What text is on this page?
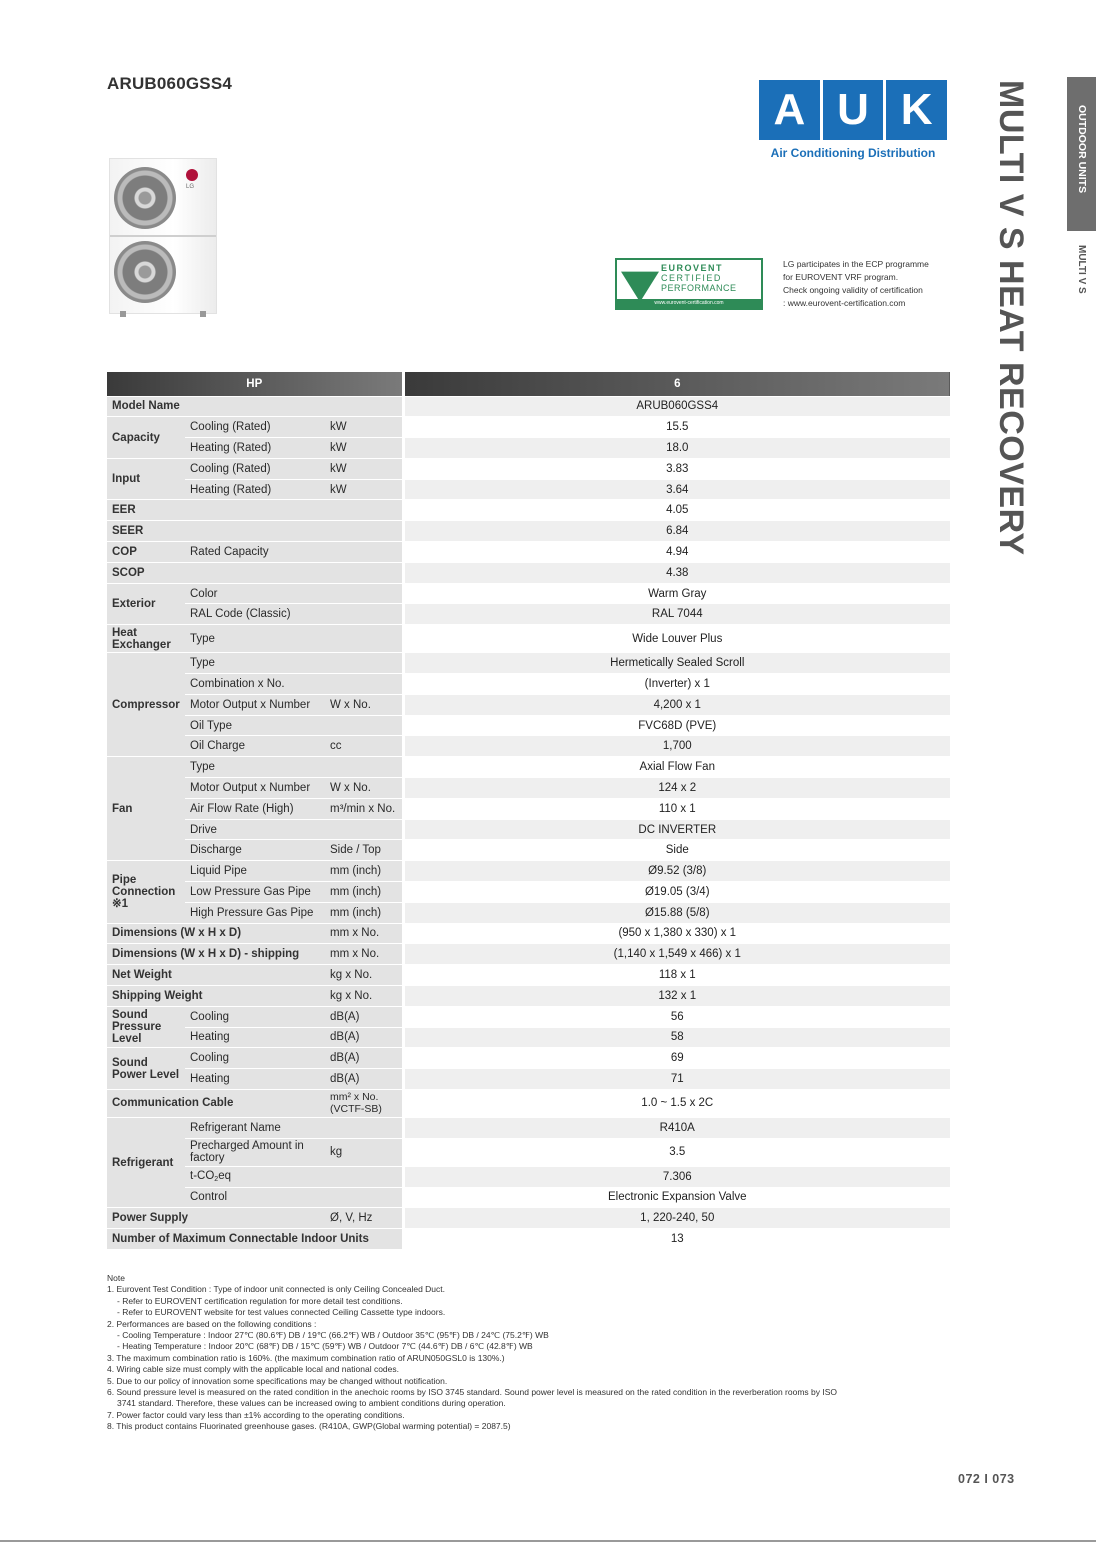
ARUB060GSS4
LG
A U K
Air Conditioning Distribution
EUROVENT
CERTIFIED
PERFORMANCE
www.eurovent-certification.com
LG participates in the ECP programme
for EUROVENT VRF program.
Check ongoing validity of certification
: www.eurovent-certification.com	MULTI V S HEAT RECOVERY	OUTDOOR UNITS
MULTI V S
HP			6
Model Name			ARUB060GSS4
Capacity	Cooling (Rated)	kW	15.5
	Heating (Rated)	kW	18.0
Input	Cooling (Rated)	kW	3.83
	Heating (Rated)	kW	3.64
EER			4.05
SEER			6.84
COP	Rated Capacity		4.94
SCOP			4.38
Exterior	Color		Warm Gray
	RAL Code (Classic)		RAL 7044
Heat Exchanger	Type		Wide Louver Plus
Compressor	Type		Hermetically Sealed Scroll
	Combination x No.		(Inverter) x 1
	Motor Output x Number	W x No.	4,200 x 1
	Oil Type		FVC68D (PVE)
	Oil Charge	cc	1,700
Fan	Type		Axial Flow Fan
	Motor Output x Number	W x No.	124 x 2
	Air Flow Rate (High)	m³/min x No.	110 x 1
	Drive		DC INVERTER
	Discharge	Side / Top	Side
Pipe Connection ※1	Liquid Pipe	mm (inch)	Ø9.52 (3/8)
	Low Pressure Gas Pipe	mm (inch)	Ø19.05 (3/4)
	High Pressure Gas Pipe	mm (inch)	Ø15.88 (5/8)
Dimensions (W x H x D)		mm x No.	(950 x 1,380 x 330) x 1
Dimensions (W x H x D) - shipping		mm x No.	(1,140 x 1,549 x 466) x 1
Net Weight		kg x No.	118 x 1
Shipping Weight		kg x No.	132 x 1
Sound Pressure Level	Cooling	dB(A)	56
	Heating	dB(A)	58
Sound Power Level	Cooling	dB(A)	69
	Heating	dB(A)	71
Communication Cable		mm² x No. (VCTF-SB)	1.0 ~ 1.5 x 2C
Refrigerant	Refrigerant Name		R410A
	Precharged Amount in factory	kg	3.5
	t-CO2eq		7.306
	Control		Electronic Expansion Valve
Power Supply		Ø, V, Hz	1, 220-240, 50
Number of Maximum Connectable Indoor Units			13

Note

1. Eurovent Test Condition : Type of indoor unit connected is only Ceiling Concealed Duct.

- Refer to EUROVENT certification regulation for more detail test conditions.

- Refer to EUROVENT website for test values connected Ceiling Cassette type indoors.

2. Performances are based on the following conditions :

- Cooling Temperature : Indoor 27℃ (80.6℉) DB / 19℃ (66.2℉) WB / Outdoor 35℃ (95℉) DB / 24℃ (75.2℉) WB

- Heating Temperature : Indoor 20℃ (68℉) DB / 15℃ (59℉) WB / Outdoor 7℃ (44.6℉) DB / 6℃ (42.8℉) WB

3. The maximum combination ratio is 160%. (the maximum combination ratio of ARUN050GSL0 is 130%.)

4. Wiring cable size must comply with the applicable local and national codes.

5. Due to our policy of innovation some specifications may be changed without notification.

6. Sound pressure level is measured on the rated condition in the anechoic rooms by ISO 3745 standard. Sound power level is measured on the rated condition in the reverberation rooms by ISO

3741 standard. Therefore, these values can be increased owing to ambient conditions during operation.

7. Power factor could vary less than ±1% according to the operating conditions.

8. This product contains Fluorinated greenhouse gases. (R410A, GWP(Global warming potential) = 2087.5)

072 I 073
